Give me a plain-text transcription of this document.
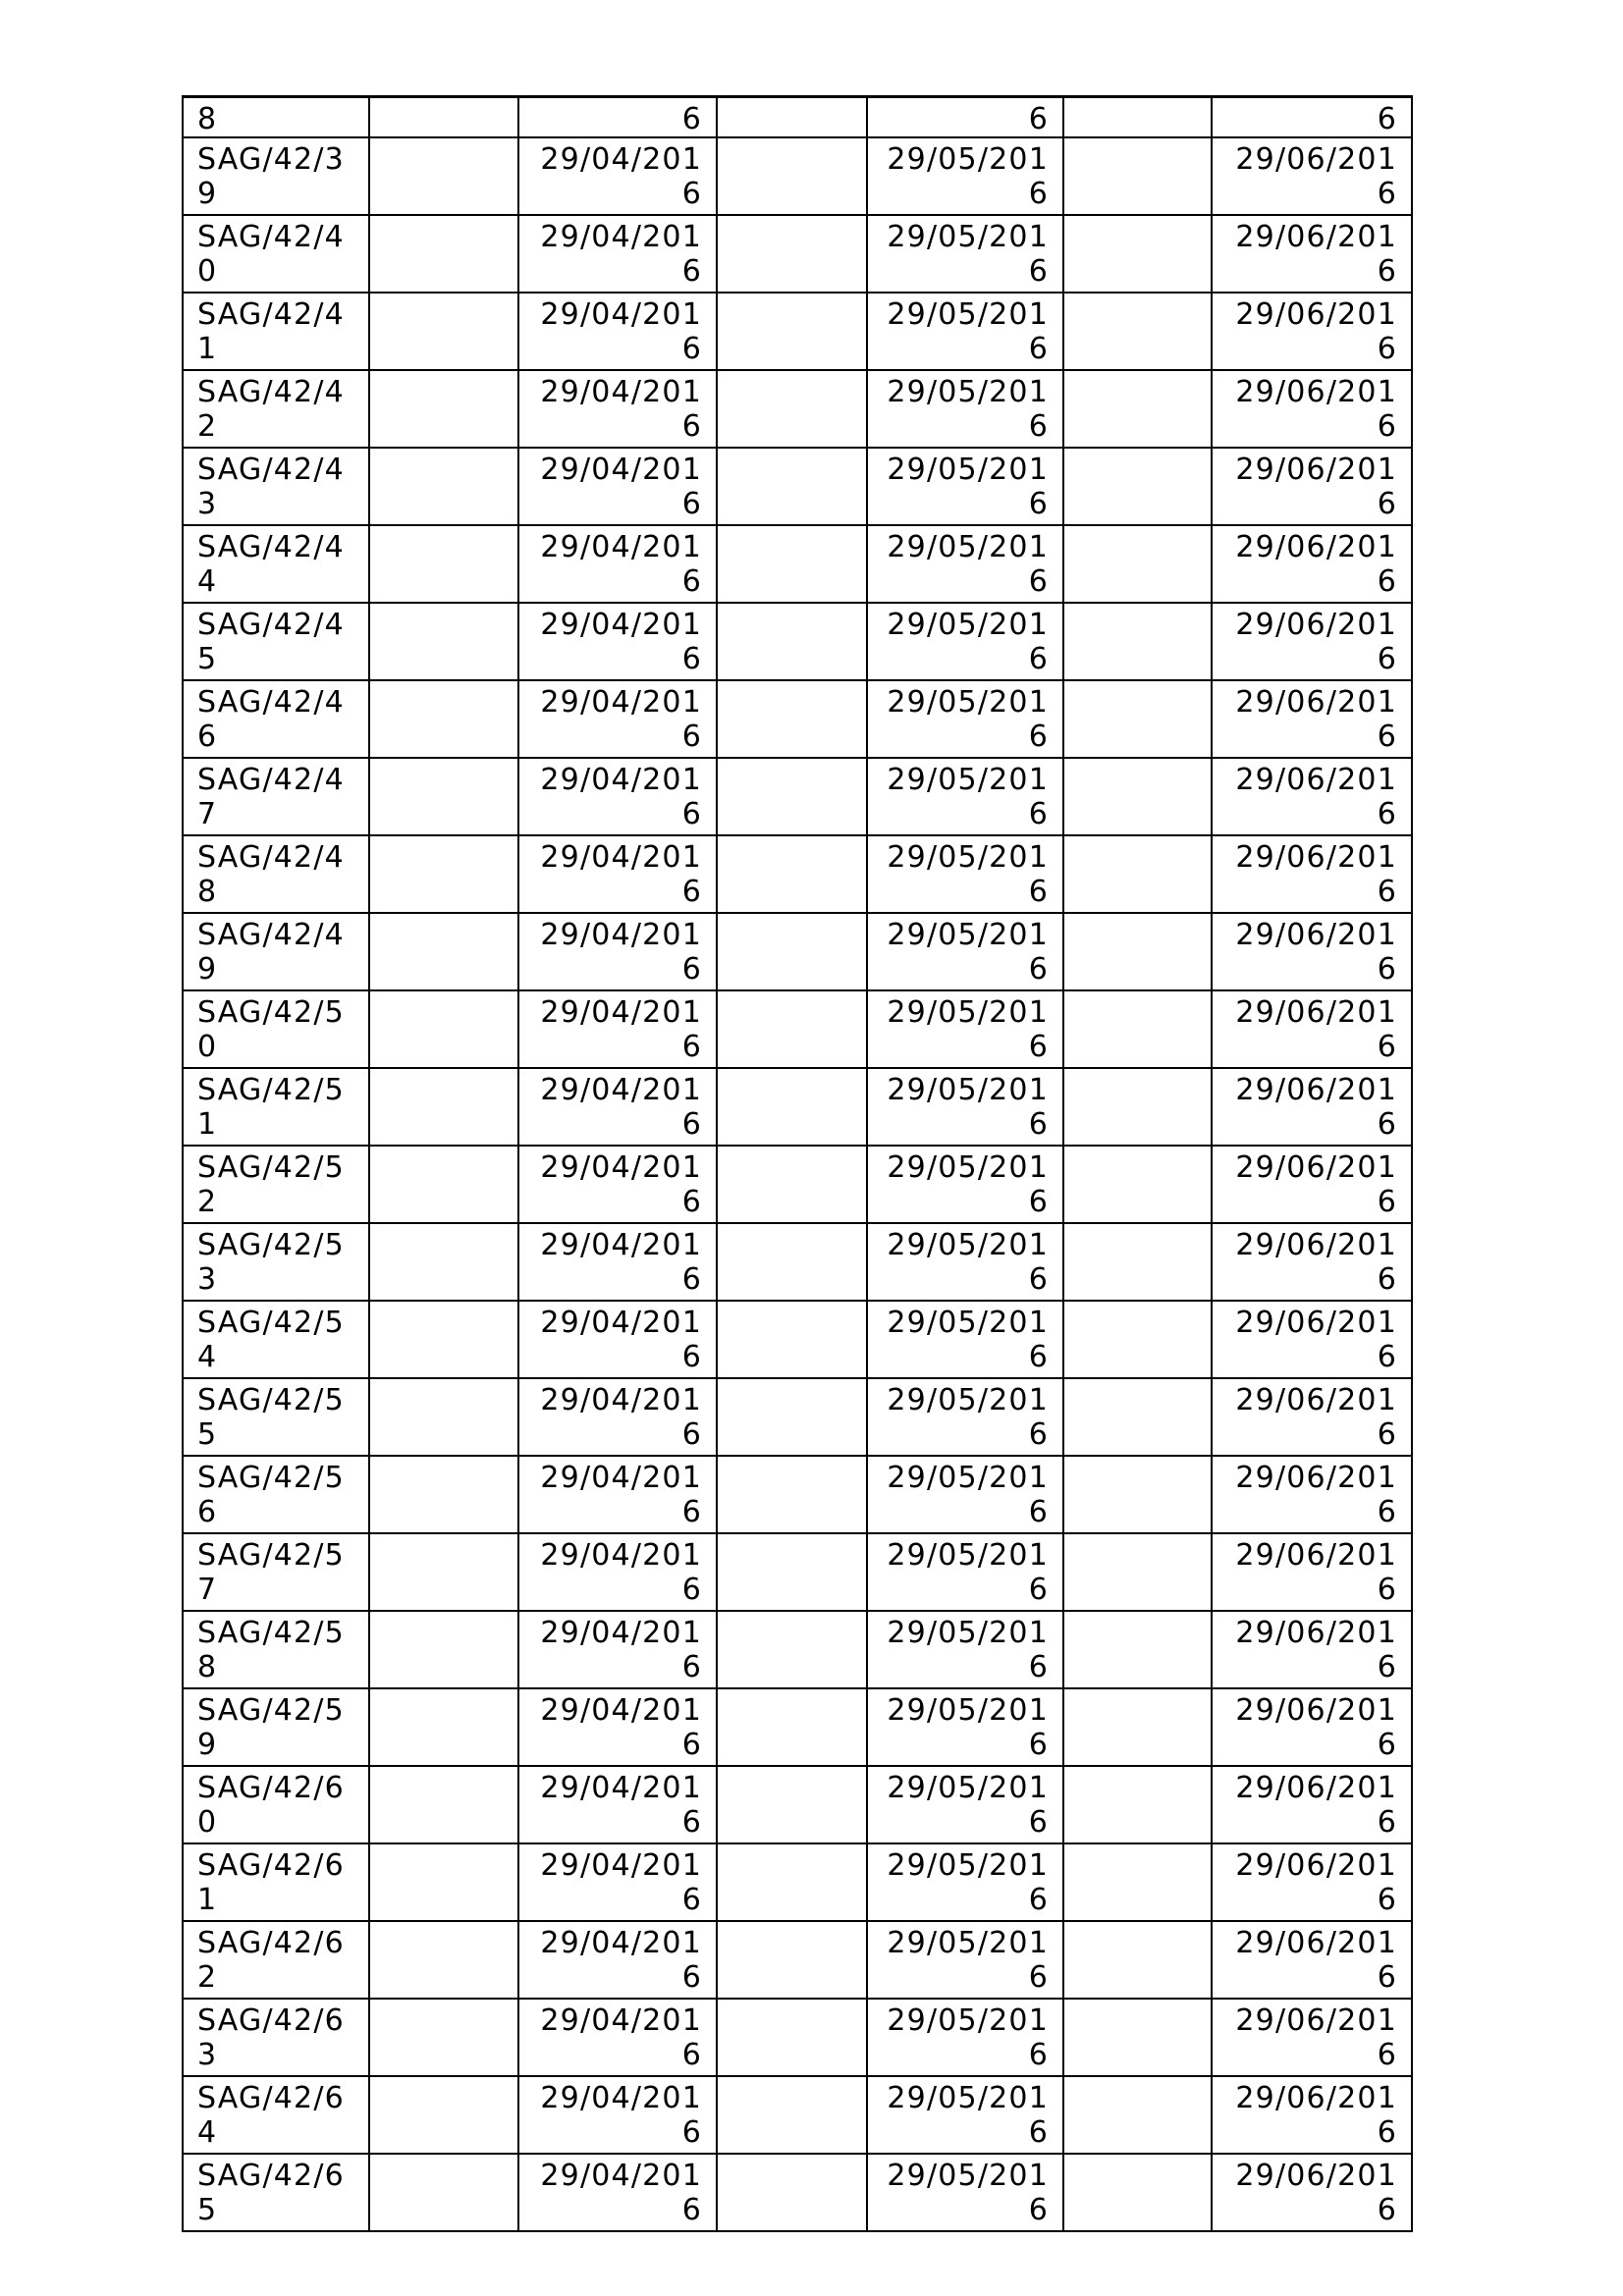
8		6		6		6
SAG/42/39		29/04/2016		29/05/2016		29/06/2016
SAG/42/40		29/04/2016		29/05/2016		29/06/2016
SAG/42/41		29/04/2016		29/05/2016		29/06/2016
SAG/42/42		29/04/2016		29/05/2016		29/06/2016
SAG/42/43		29/04/2016		29/05/2016		29/06/2016
SAG/42/44		29/04/2016		29/05/2016		29/06/2016
SAG/42/45		29/04/2016		29/05/2016		29/06/2016
SAG/42/46		29/04/2016		29/05/2016		29/06/2016
SAG/42/47		29/04/2016		29/05/2016		29/06/2016
SAG/42/48		29/04/2016		29/05/2016		29/06/2016
SAG/42/49		29/04/2016		29/05/2016		29/06/2016
SAG/42/50		29/04/2016		29/05/2016		29/06/2016
SAG/42/51		29/04/2016		29/05/2016		29/06/2016
SAG/42/52		29/04/2016		29/05/2016		29/06/2016
SAG/42/53		29/04/2016		29/05/2016		29/06/2016
SAG/42/54		29/04/2016		29/05/2016		29/06/2016
SAG/42/55		29/04/2016		29/05/2016		29/06/2016
SAG/42/56		29/04/2016		29/05/2016		29/06/2016
SAG/42/57		29/04/2016		29/05/2016		29/06/2016
SAG/42/58		29/04/2016		29/05/2016		29/06/2016
SAG/42/59		29/04/2016		29/05/2016		29/06/2016
SAG/42/60		29/04/2016		29/05/2016		29/06/2016
SAG/42/61		29/04/2016		29/05/2016		29/06/2016
SAG/42/62		29/04/2016		29/05/2016		29/06/2016
SAG/42/63		29/04/2016		29/05/2016		29/06/2016
SAG/42/64		29/04/2016		29/05/2016		29/06/2016
SAG/42/65		29/04/2016		29/05/2016		29/06/2016
